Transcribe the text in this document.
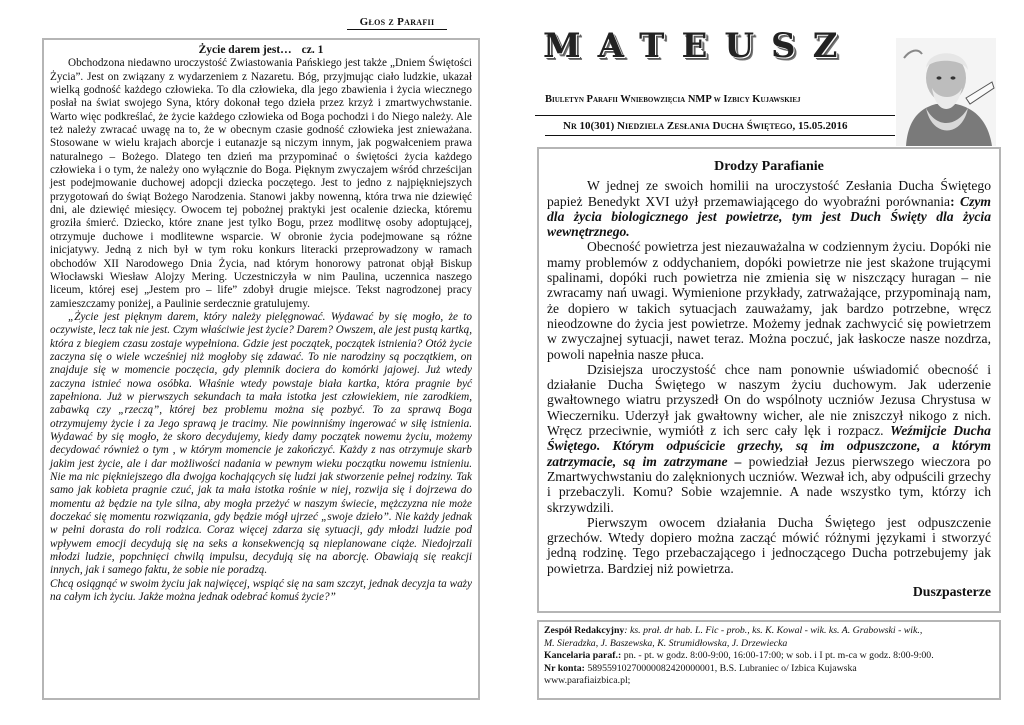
Głos z Parafii
Życie darem jest… cz. 1

Obchodzona niedawno uroczystość Zwiastowania Pańskiego jest także „Dniem Świętości Życia”. Jest on związany z wydarzeniem z Nazaretu. Bóg, przyjmując ciało ludzkie, ukazał wielką godność każdego człowieka. To dla człowieka, dla jego zbawienia i życia wiecznego posłał na świat swojego Syna, który dokonał tego dzieła przez krzyż i zmartwychwstanie. Warto więc podkreślać, że życie każdego człowieka od Boga pochodzi i do Niego należy. Ale też należy zwracać uwagę na to, że w obecnym czasie godność człowieka jest znieważana. Stosowane w wielu krajach aborcje i eutanazje są niczym innym, jak pogwałceniem prawa naturalnego – Bożego. Dlatego ten dzień ma przypominać o świętości życia każdego człowieka i o tym, że należy ono wyłącznie do Boga. Pięknym zwyczajem wśród chrześcijan jest podejmowanie duchowej adopcji dziecka poczętego. Jest to jedno z najpiękniejszych przygotowań do świąt Bożego Narodzenia. Stanowi jakby nowenną, która trwa nie dziewięć dni, ale dziewięć miesięcy. Owocem tej pobożnej praktyki jest ocalenie dziecka, któremu groziła śmierć. Dziecko, które znane jest tylko Bogu, przez modlitwę osoby adoptującej, otrzymuje duchowe i modlitewne wsparcie. W obronie życia podejmowane są różne inicjatywy. Jedną z nich był w tym roku konkurs literacki przeprowadzony w ramach obchodów XII Narodowego Dnia Życia, nad którym honorowy patronat objął Biskup Włocławski Wiesław Alojzy Mering. Uczestniczyła w nim Paulina, uczennica naszego liceum, której esej „Jestem pro – life” zdobył drugie miejsce. Tekst nagrodzonej pracy zamieszczamy poniżej, a Paulinie serdecznie gratulujemy.

„Życie jest pięknym darem, który należy pielęgnować. Wydawać by się mogło, że to oczywiste, lecz tak nie jest. Czym właściwie jest życie? Darem? Owszem, ale jest pustą kartką, która z biegiem czasu zostaje wypełniona. Gdzie jest początek, początek istnienia? Otóż życie zaczyna się o wiele wcześniej niż mogłoby się zdawać. To nie narodziny są początkiem, on znajduje się w momencie poczęcia, gdy plemnik dociera do komórki jajowej. Już wtedy zaczyna istnieć nowa osóbka. Właśnie wtedy powstaje biała kartka, która pragnie być zapełniona. Już w pierwszych sekundach ta mała istotka jest człowiekiem, nie zarodkiem, zabawką czy „rzeczą”, której bez problemu można się pozbyć. To za sprawą Boga otrzymujemy życie i za Jego sprawą je tracimy. Nie powinniśmy ingerować w siłę istnienia. Wydawać by się mogło, że skoro decydujemy, kiedy damy początek nowemu życiu, możemy decydować również o tym , w którym momencie je zakończyć. Każdy z nas otrzymuje skarb jakim jest życie, ale i dar możliwości nadania w pewnym wieku początku nowemu istnieniu. Nie ma nic piękniejszego dla dwojga kochających się ludzi jak stworzenie pełnej rodziny. Tak samo jak kobieta pragnie czuć, jak ta mała istotka rośnie w niej, rozwija się i dojrzewa do momentu aż będzie na tyle silna, aby mogła przeżyć w naszym świecie, mężczyzna nie może doczekać się momentu rozwiązania, gdy będzie mógł ujrzeć „swoje dzieło”. Nie każdy jednak w pełni dorasta do roli rodzica. Coraz więcej zdarza się sytuacji, gdy młodzi ludzie pod wpływem emocji decydują się na seks a konsekwencją są nieplanowane ciąże. Niedojrzali młodzi ludzie, popchnięci chwilą impulsu, decydują się na aborcję. Obawiają się reakcji innych, jak i samego faktu, że sobie nie poradzą.

Chcą osiągnąć w swoim życiu jak najwięcej, wspiąć się na sam szczyt, jednak decyzja ta waży na całym ich życiu. Jakże można jednak odebrać komuś życie?”

MATEUSZ
Biuletyn Parafii Wniebowzięcia NMP w Izbicy Kujawskiej
Nr 10(301) Niedziela Zesłania Ducha Świętego, 15.05.2016
Drodzy Parafianie

W jednej ze swoich homilii na uroczystość Zesłania Ducha Świętego papież Benedykt XVI użył przemawiającego do wyobraźni porównania: Czym dla życia biologicznego jest powietrze, tym jest Duch Święty dla życia wewnętrznego.

Obecność powietrza jest niezauważalna w codziennym życiu. Dopóki nie mamy problemów z oddychaniem, dopóki powietrze nie jest skażone trującymi spalinami, dopóki ruch powietrza nie zmienia się w niszczący huragan – nie zwracamy nań uwagi. Wymienione przykłady, zatrważające, przypominają nam, że dopiero w takich sytuacjach zauważamy, jak bardzo potrzebne, wręcz nieodzowne do życia jest powietrze. Możemy jednak zachwycić się powietrzem w zwyczajnej sytuacji, nawet teraz. Można poczuć, jak łaskocze nasze nozdrza, powoli napełnia nasze płuca.

Dzisiejsza uroczystość chce nam ponownie uświadomić obecność i działanie Ducha Świętego w naszym życiu duchowym. Jak uderzenie gwałtownego wiatru przyszedł On do wspólnoty uczniów Jezusa Chrystusa w Wieczerniku. Uderzył jak gwałtowny wicher, ale nie zniszczył nikogo z nich. Wręcz przeciwnie, wymiótł z ich serc cały lęk i rozpacz. Weźmijcie Ducha Świętego. Którym odpuścicie grzechy, są im odpuszczone, a którym zatrzymacie, są im zatrzymane – powiedział Jezus pierwszego wieczora po Zmartwychwstaniu do zalęknionych uczniów. Wezwał ich, aby odpuścili grzechy i przebaczyli. Komu? Sobie wzajemnie. A nade wszystko tym, którzy ich skrzywdzili.

Pierwszym owocem działania Ducha Świętego jest odpuszczenie grzechów. Wtedy dopiero można zacząć mówić różnymi językami i stworzyć jedną rodzinę. Tego przebaczającego i jednoczącego Ducha potrzebujemy jak powietrza. Bardziej niż powietrza.

Duszpasterze

Zespół Redakcyjny: ks. prał. dr hab. L. Fic - prob., ks. K. Kowal - wik. ks. A. Grabowski - wik.,

M. Sieradzka, J. Baszewska, K. Strumidłowska, J. Drzewiecka

Kancelaria paraf.: pn. - pt. w godz. 8:00-9:00, 16:00-17:00; w sob. i I pt. m-ca w godz. 8:00-9:00.

Nr konta: 58955910270000082420000001, B.S. Lubraniec o/ Izbica Kujawska

www.parafiaizbica.pl;
